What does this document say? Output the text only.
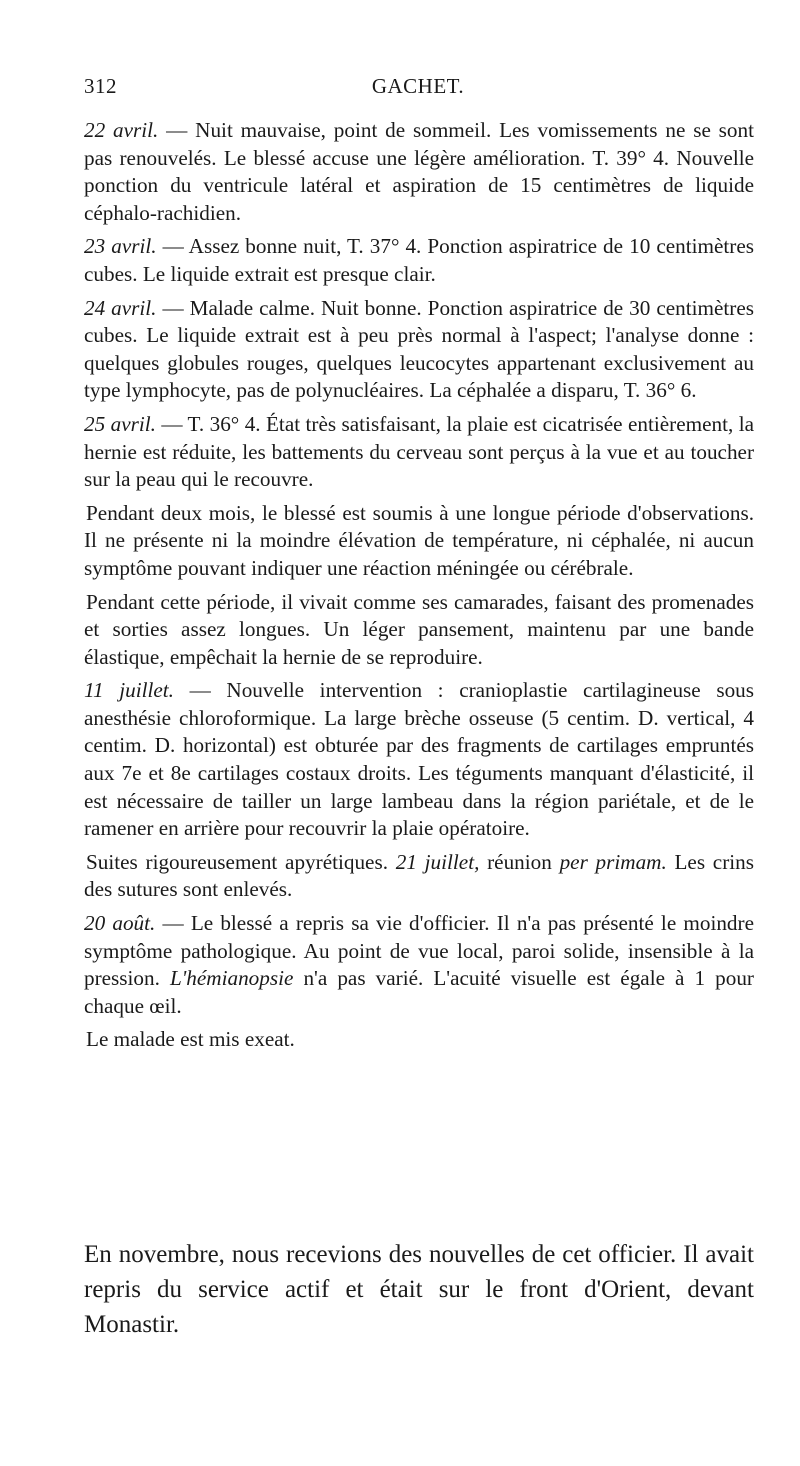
312	GACHET.

22 avril. — Nuit mauvaise, point de sommeil. Les vomissements ne se sont pas renouvelés. Le blessé accuse une légère amélioration. T. 39° 4. Nouvelle ponction du ventricule latéral et aspiration de 15 centimètres de liquide céphalo-rachidien.

23 avril. — Assez bonne nuit, T. 37° 4. Ponction aspiratrice de 10 centimètres cubes. Le liquide extrait est presque clair.

24 avril. — Malade calme. Nuit bonne. Ponction aspiratrice de 30 centimètres cubes. Le liquide extrait est à peu près normal à l'aspect; l'analyse donne : quelques globules rouges, quelques leucocytes appartenant exclusivement au type lymphocyte, pas de polynucléaires. La céphalée a disparu, T. 36° 6.

25 avril. — T. 36° 4. État très satisfaisant, la plaie est cicatrisée entièrement, la hernie est réduite, les battements du cerveau sont perçus à la vue et au toucher sur la peau qui le recouvre.

Pendant deux mois, le blessé est soumis à une longue période d'observations. Il ne présente ni la moindre élévation de température, ni céphalée, ni aucun symptôme pouvant indiquer une réaction méningée ou cérébrale.

Pendant cette période, il vivait comme ses camarades, faisant des promenades et sorties assez longues. Un léger pansement, maintenu par une bande élastique, empêchait la hernie de se reproduire.

11 juillet. — Nouvelle intervention : cranioplastie cartilagineuse sous anesthésie chloroformique. La large brèche osseuse (5 centim. D. vertical, 4 centim. D. horizontal) est obturée par des fragments de cartilages empruntés aux 7e et 8e cartilages costaux droits. Les téguments manquant d'élasticité, il est nécessaire de tailler un large lambeau dans la région pariétale, et de le ramener en arrière pour recouvrir la plaie opératoire.

Suites rigoureusement apyrétiques. 21 juillet, réunion per primam. Les crins des sutures sont enlevés.

20 août. — Le blessé a repris sa vie d'officier. Il n'a pas présenté le moindre symptôme pathologique. Au point de vue local, paroi solide, insensible à la pression. L'hémianopsie n'a pas varié. L'acuité visuelle est égale à 1 pour chaque œil.

Le malade est mis exeat.

En novembre, nous recevions des nouvelles de cet officier. Il avait repris du service actif et était sur le front d'Orient, devant Monastir.
